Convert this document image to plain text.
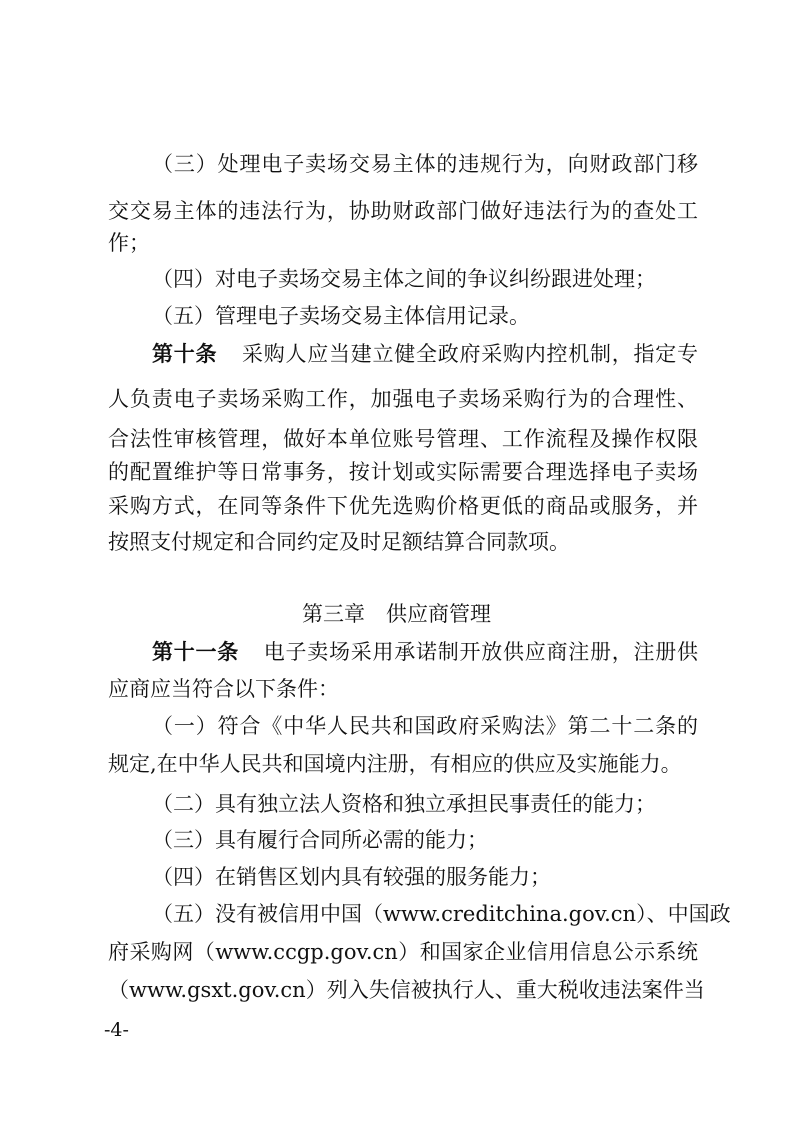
（三）处理电子卖场交易主体的违规行为，向财政部门移
交交易主体的违法行为，协助财政部门做好违法行为的查处工
作；
（四）对电子卖场交易主体之间的争议纠纷跟进处理；
（五）管理电子卖场交易主体信用记录。
第十条 采购人应当建立健全政府采购内控机制，指定专
人负责电子卖场采购工作，加强电子卖场采购行为的合理性、
合法性审核管理，做好本单位账号管理、工作流程及操作权限
的配置维护等日常事务，按计划或实际需要合理选择电子卖场
采购方式，在同等条件下优先选购价格更低的商品或服务，并
按照支付规定和合同约定及时足额结算合同款项。
第三章　供应商管理
第十一条 电子卖场采用承诺制开放供应商注册，注册供
应商应当符合以下条件：
（一）符合《中华人民共和国政府采购法》第二十二条的
规定,在中华人民共和国境内注册，有相应的供应及实施能力。
（二）具有独立法人资格和独立承担民事责任的能力；
（三）具有履行合同所必需的能力；
（四）在销售区划内具有较强的服务能力；
（五）没有被信用中国（www.creditchina.gov.cn）、中国政
府采购网（www.ccgp.gov.cn）和国家企业信用信息公示系统
（www.gsxt.gov.cn）列入失信被执行人、重大税收违法案件当
-4-
